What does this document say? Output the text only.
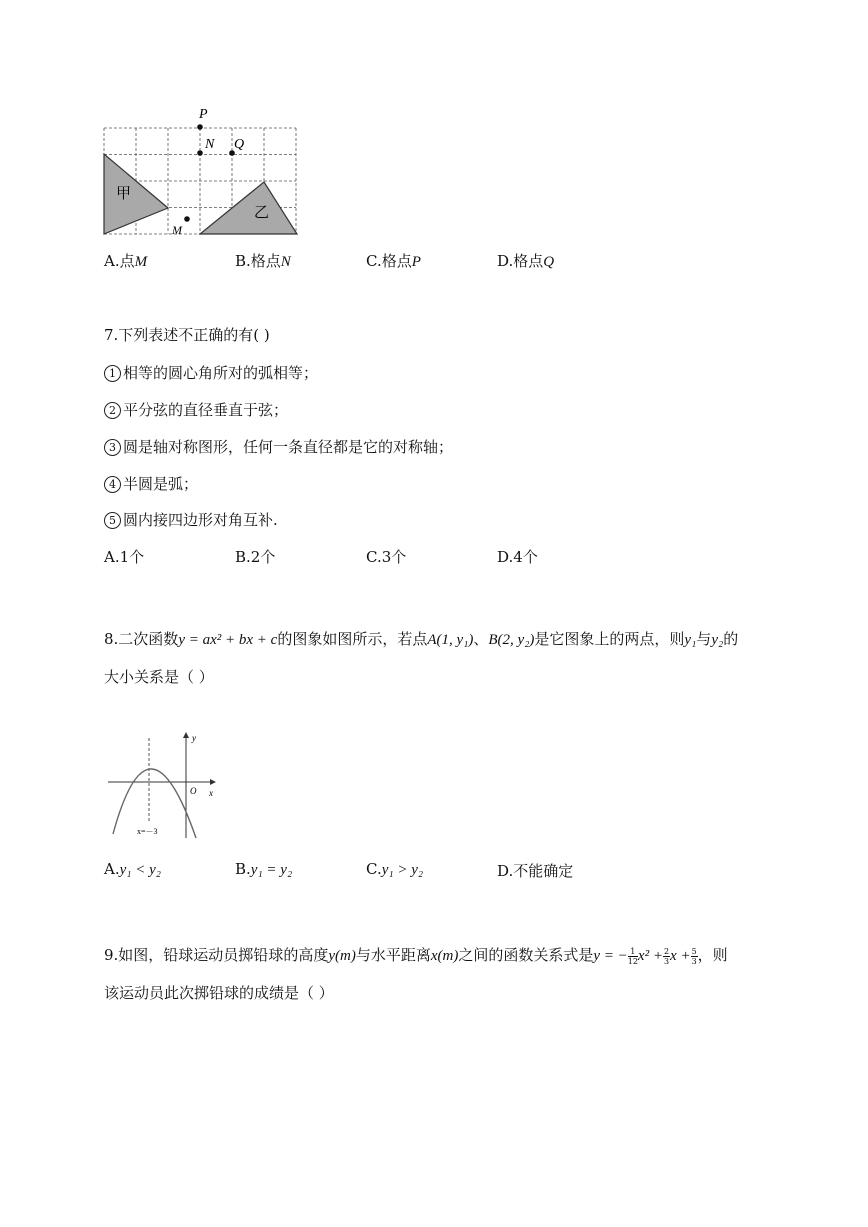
甲
乙
P
N Q
M
A.点M	B.格点N	C.格点P	D.格点Q
7.下列表述不正确的有( )
1 相等的圆心角所对的弧相等；
2 平分弦的直径垂直于弦；
3 圆是轴对称图形，任何一条直径都是它的对称轴；
4 半圆是弧；
5 圆内接四边形对角互补.
A.1个	B.2个	C.3个	D.4个
8.二次函数y = ax² + bx + c的图象如图所示，若点A(1, y₁)、B(2, y₂)是它图象上的两点，则y₁与y₂的
大小关系是（ ）
y
x
O
x=－3
A.y₁ < y₂	B.y₁ = y₂	C.y₁ > y₂	D.不能确定
9.如图，铅球运动员掷铅球的高度y(m)与水平距离x(m)之间的函数关系式是y = − $\frac{1}{12} x^2 + \frac{2}{3}$ $x + \frac{5}{3}$ ，则
该运动员此次掷铅球的成绩是（ ）
